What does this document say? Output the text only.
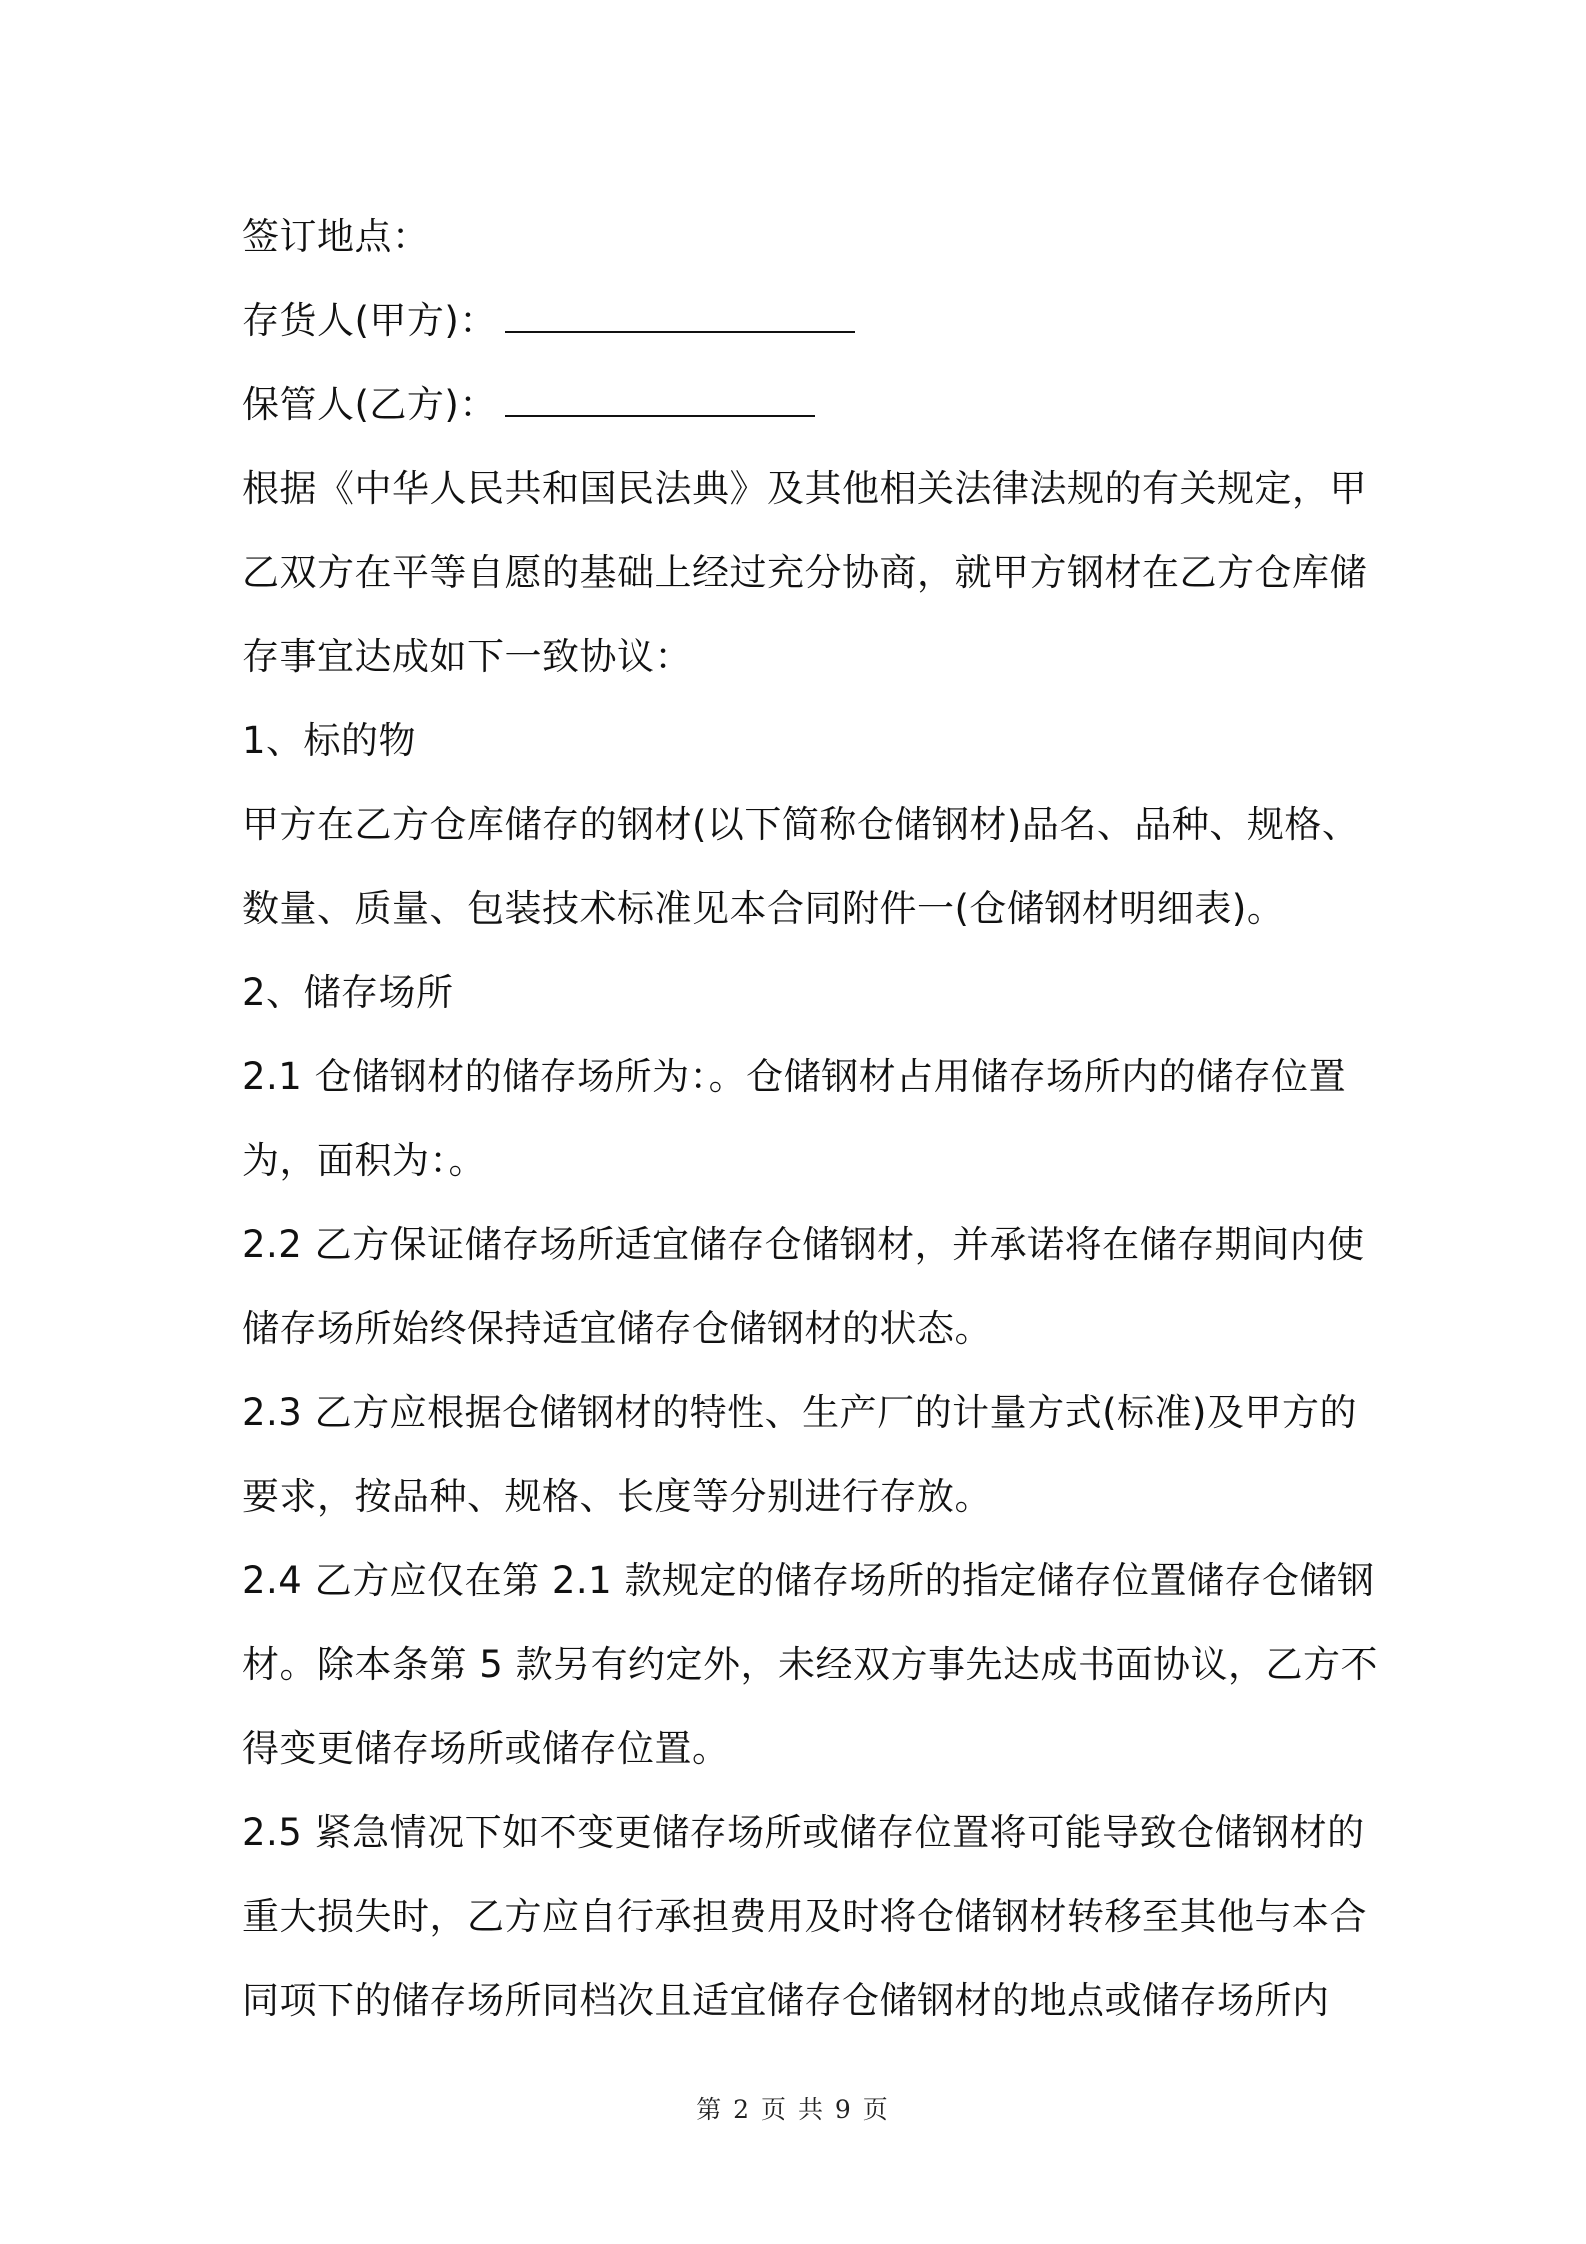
签订地点：
存货人(甲方)：
保管人(乙方)：
根据《中华人民共和国民法典》及其他相关法律法规的有关规定，甲
乙双方在平等自愿的基础上经过充分协商，就甲方钢材在乙方仓库储
存事宜达成如下一致协议：
1、标的物
甲方在乙方仓库储存的钢材(以下简称仓储钢材)品名、品种、规格、
数量、质量、包装技术标准见本合同附件一(仓储钢材明细表)。
2、储存场所
2.1 仓储钢材的储存场所为：。仓储钢材占用储存场所内的储存位置
为，面积为：。
2.2 乙方保证储存场所适宜储存仓储钢材，并承诺将在储存期间内使
储存场所始终保持适宜储存仓储钢材的状态。
2.3 乙方应根据仓储钢材的特性、生产厂的计量方式(标准)及甲方的
要求，按品种、规格、长度等分别进行存放。
2.4 乙方应仅在第 2.1 款规定的储存场所的指定储存位置储存仓储钢
材。除本条第 5 款另有约定外，未经双方事先达成书面协议，乙方不
得变更储存场所或储存位置。
2.5 紧急情况下如不变更储存场所或储存位置将可能导致仓储钢材的
重大损失时，乙方应自行承担费用及时将仓储钢材转移至其他与本合
同项下的储存场所同档次且适宜储存仓储钢材的地点或储存场所内
第 2 页 共 9 页
